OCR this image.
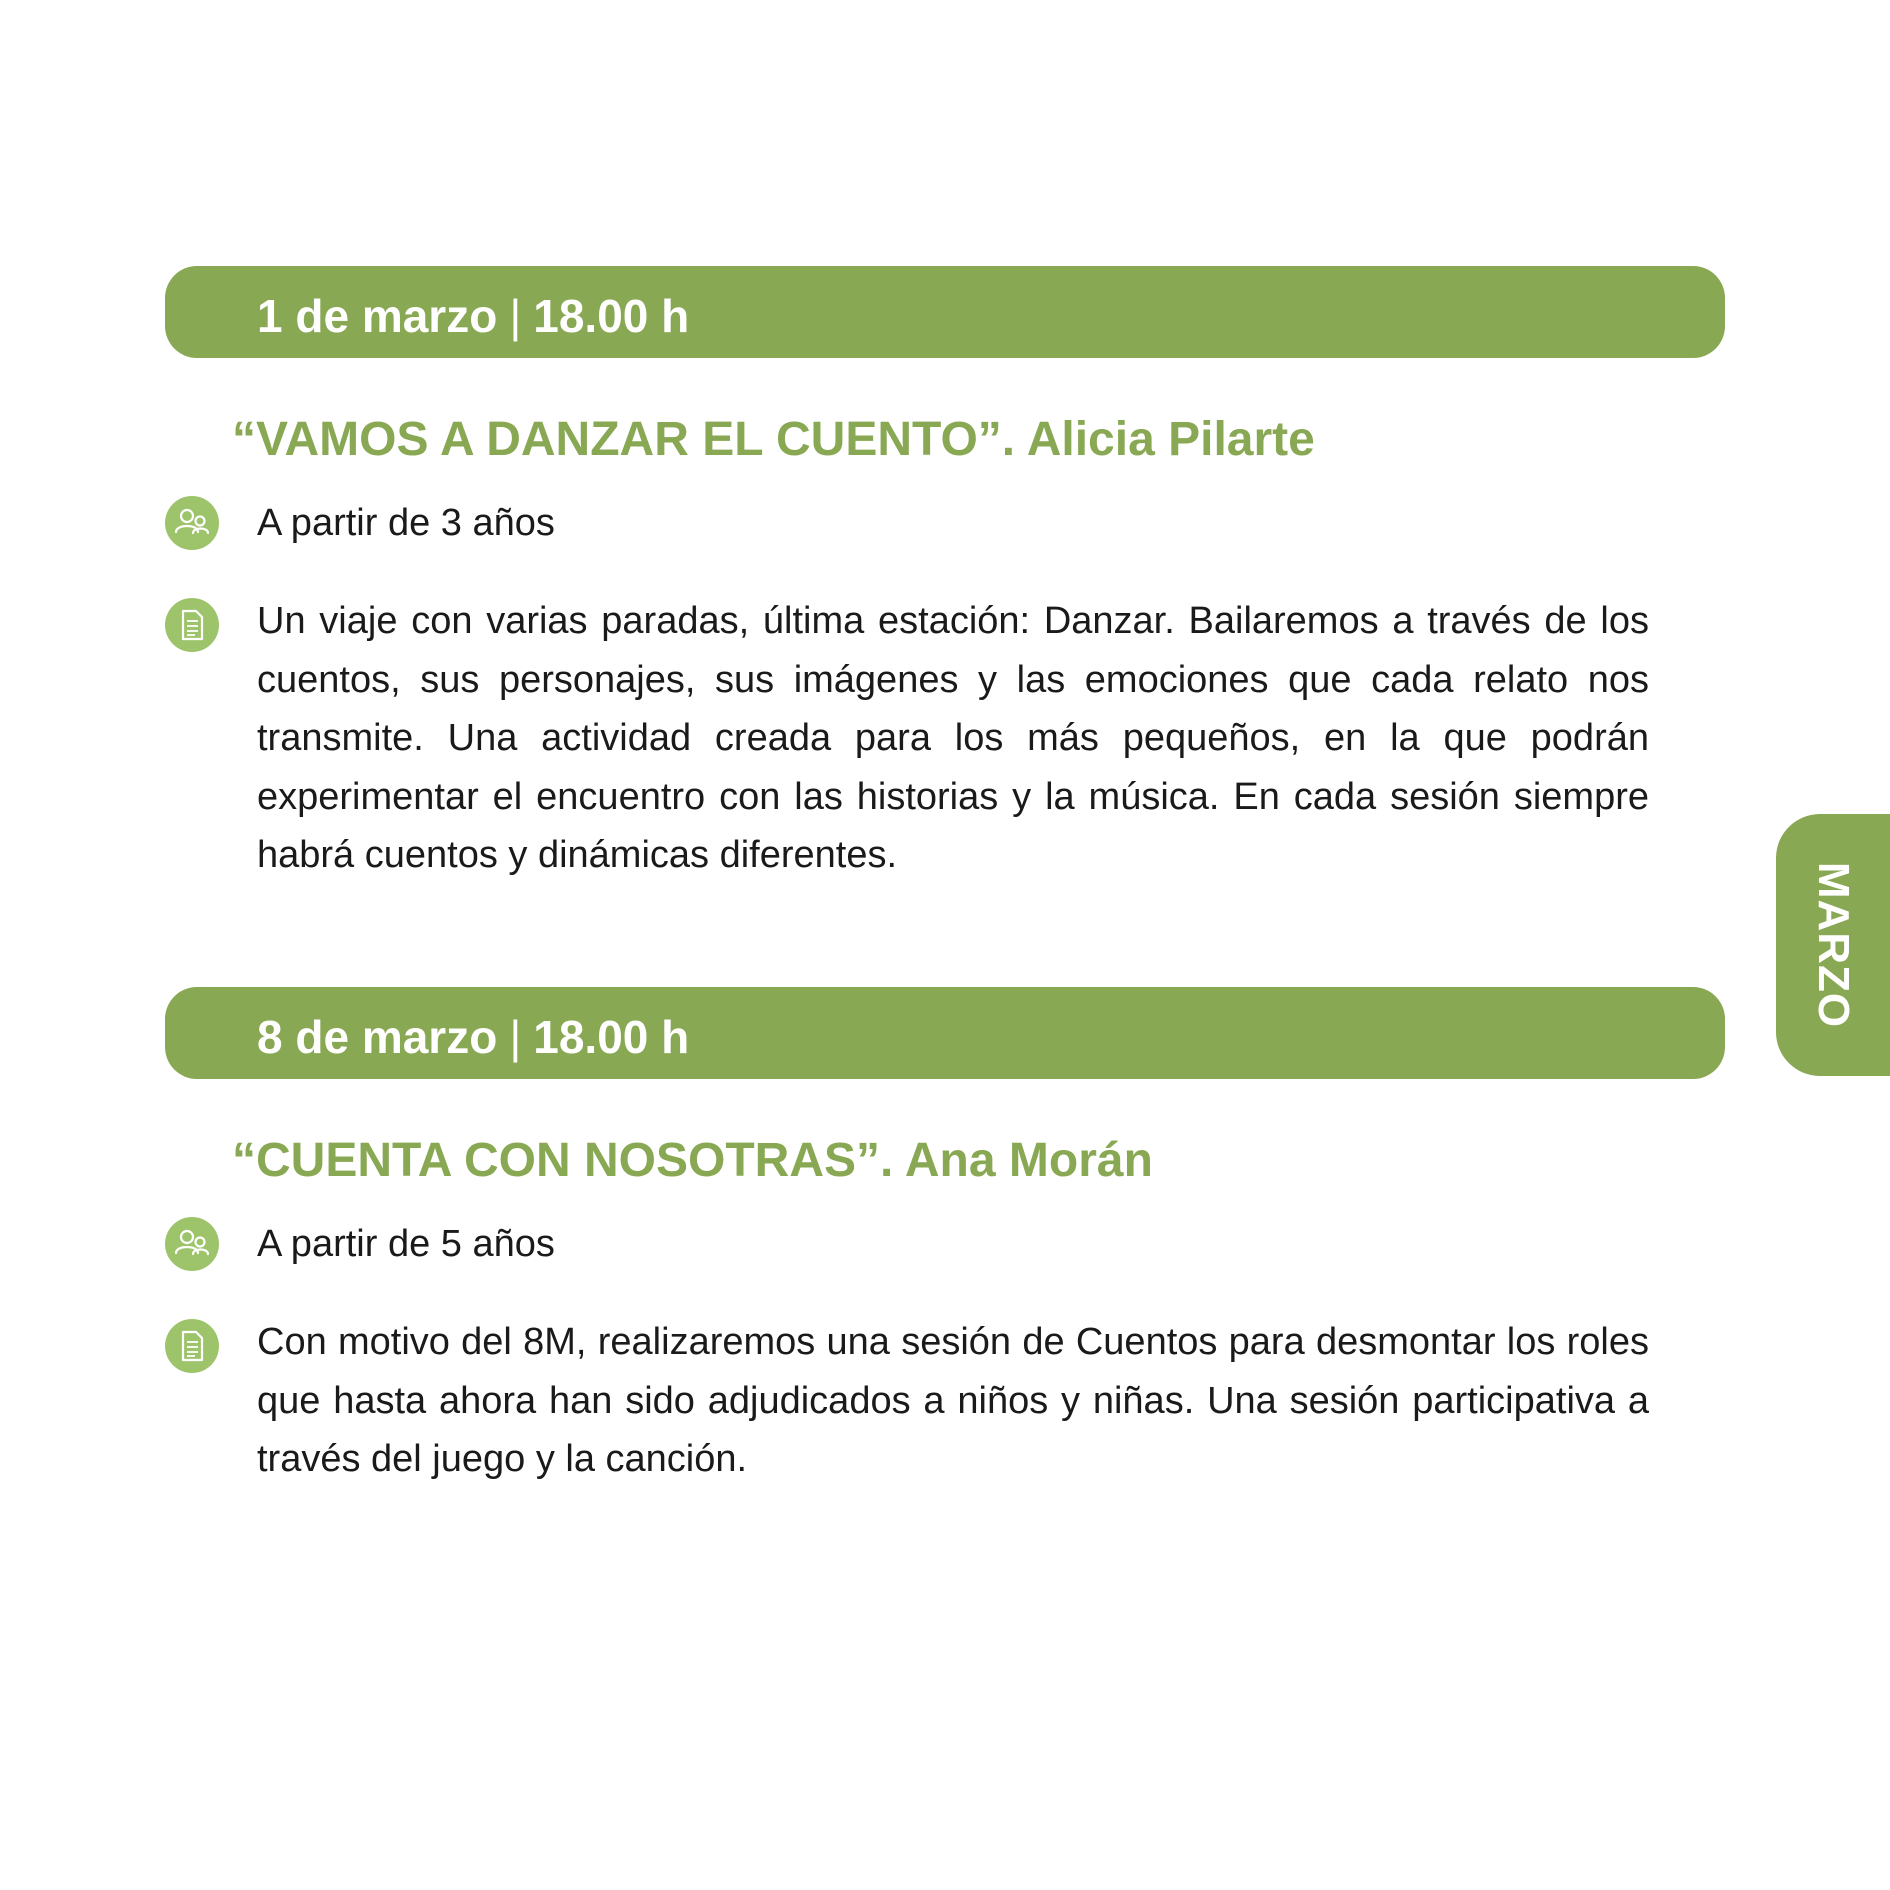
1 de marzo | 18.00 h
“VAMOS A DANZAR EL CUENTO”. Alicia Pilarte
A partir de 3 años

Un viaje con varias paradas, última estación: Danzar. Bailaremos a través de los cuentos, sus personajes, sus imágenes y las emociones que cada relato nos transmite. Una actividad creada para los más pequeños, en la que podrán experimentar el encuentro con las historias y la música. En cada sesión siempre habrá cuentos y dinámicas diferentes.

8 de marzo | 18.00 h
“CUENTA CON NOSOTRAS”. Ana Morán
A partir de 5 años

Con motivo del 8M, realizaremos una sesión de Cuentos para desmontar los roles que hasta ahora han sido adjudicados a niños y niñas. Una sesión participativa a través del juego y la canción.

MARZO
